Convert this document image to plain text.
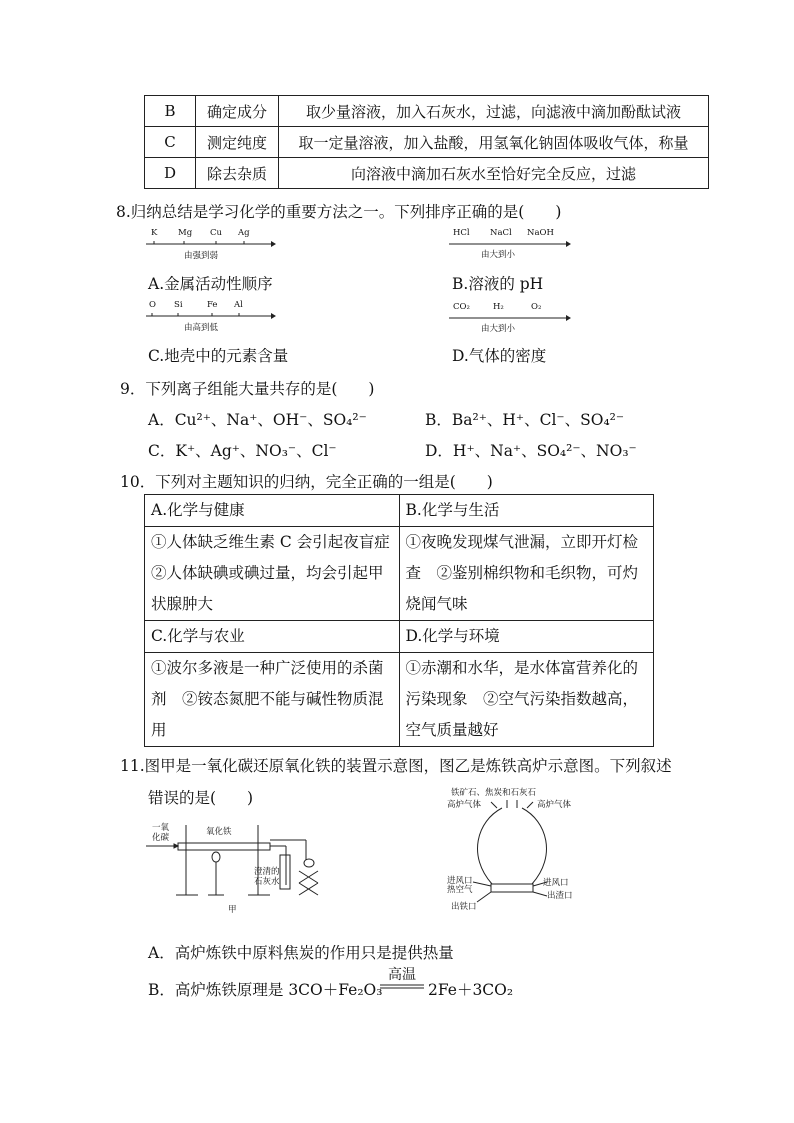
B	确定成分	取少量溶液，加入石灰水，过滤，向滤液中滴加酚酞试液
C	测定纯度	取一定量溶液，加入盐酸，用氢氧化钠固体吸收气体，称量
D	除去杂质	向溶液中滴加石灰水至恰好完全反应，过滤
8.归纳总结是学习化学的重要方法之一。下列排序正确的是(　　)
K Mg Cu Ag
由强到弱
A.金属活动性顺序
HCl NaCl NaOH
由大到小
B.溶液的 pH
O Si	Fe Al
由高到低
C.地壳中的元素含量
CO₂	H₂	O₂
由大到小
D.气体的密度
9．下列离子组能大量共存的是(　　)
A．Cu²⁺、Na⁺、OH⁻、SO₄²⁻	B．Ba²⁺、H⁺、Cl⁻、SO₄²⁻
C．K⁺、Ag⁺、NO₃⁻、Cl⁻	D．H⁺、Na⁺、SO₄²⁻、NO₃⁻
10．下列对主题知识的归纳，完全正确的一组是(　　)
A.化学与健康	B.化学与生活
①人体缺乏维生素 C 会引起夜盲症②人体缺碘或碘过量，均会引起甲状腺肿大	①夜晚发现煤气泄漏，立即开灯检查　②鉴别棉织物和毛织物，可灼烧闻气味
C.化学与农业	D.化学与环境
①波尔多液是一种广泛使用的杀菌剂　②铵态氮肥不能与碱性物质混用	①赤潮和水华，是水体富营养化的污染现象　②空气污染指数越高，空气质量越好
11.图甲是一氧化碳还原氧化铁的装置示意图，图乙是炼铁高炉示意图。下列叙述
错误的是(　　)
一氧
化碳
氧化铁
澄清的
石灰水
甲
铁矿石、焦炭和石灰石
高炉气体	高炉气体
进风口
热空气
进风口
出渣口
出铁口
A．高炉炼铁中原料焦炭的作用只是提供热量
B．高炉炼铁原理是 3CO＋Fe₂O₃
高温
2Fe＋3CO₂
